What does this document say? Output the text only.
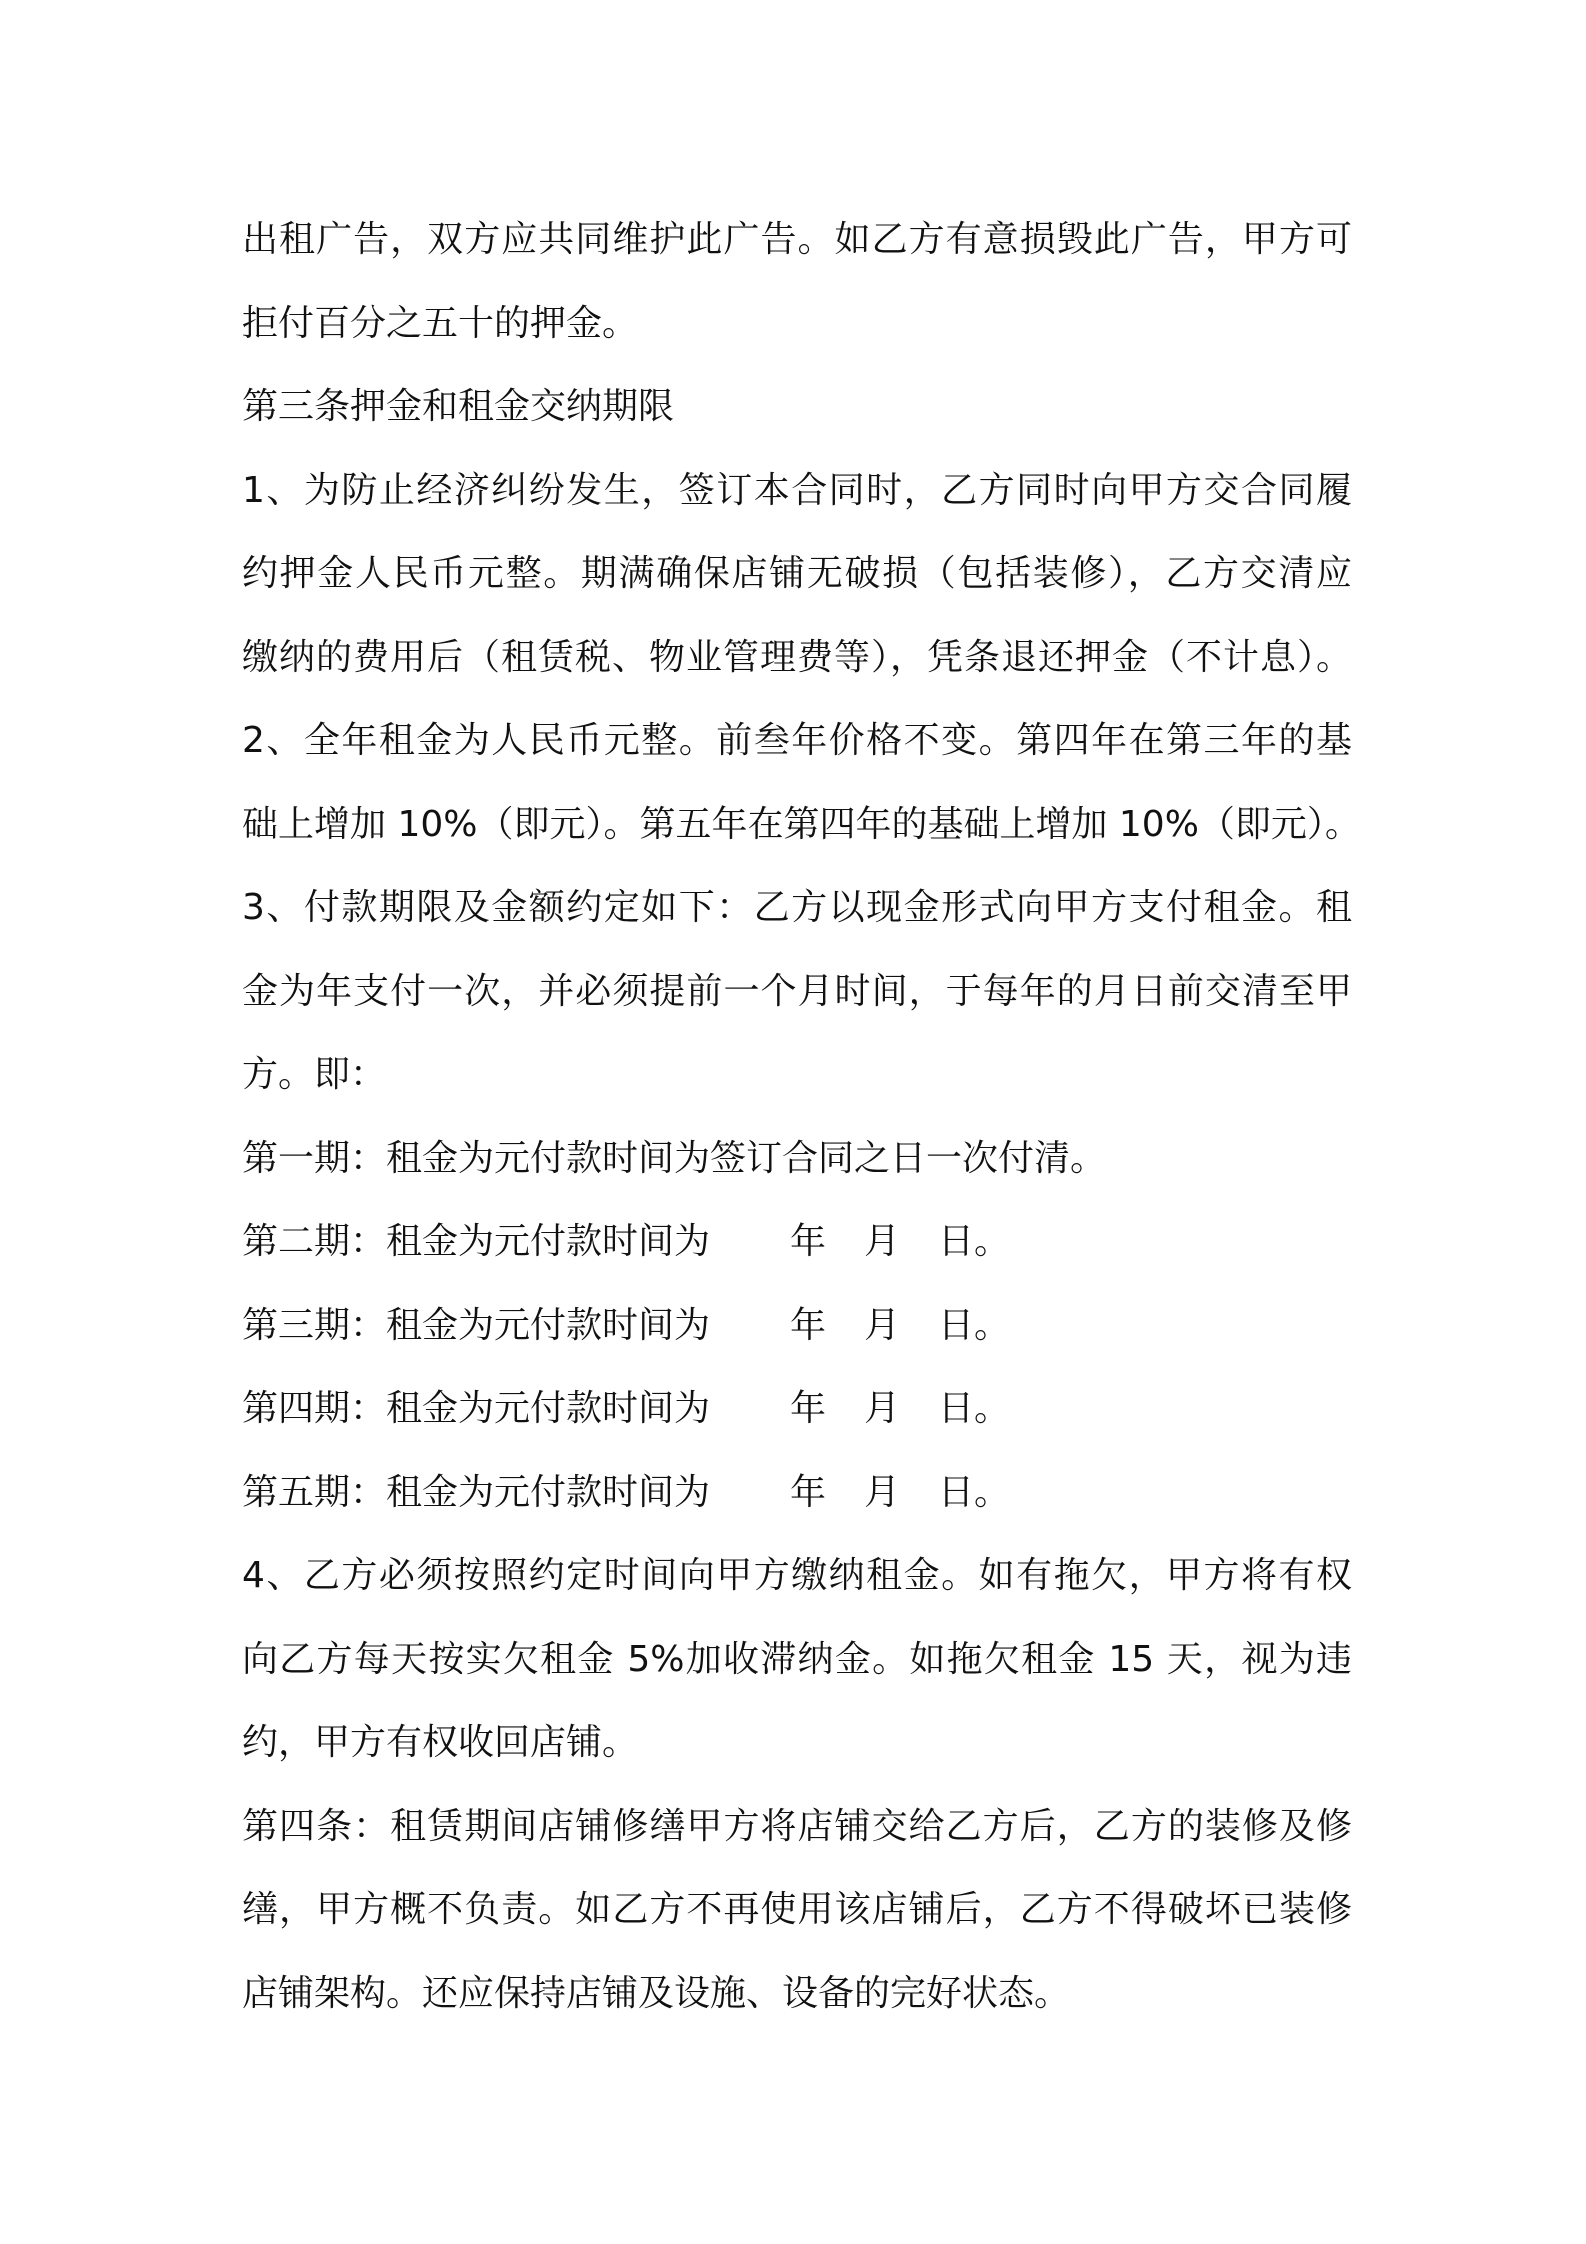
出租广告，双方应共同维护此广告。如乙方有意损毁此广告，甲方可
拒付百分之五十的押金。
第三条押金和租金交纳期限
1、为防止经济纠纷发生，签订本合同时，乙方同时向甲方交合同履
约押金人民币元整。期满确保店铺无破损（包括装修），乙方交清应
缴纳的费用后（租赁税、物业管理费等），凭条退还押金（不计息）。
2、全年租金为人民币元整。前叁年价格不变。第四年在第三年的基
础上增加 10%（即元）。第五年在第四年的基础上增加 10%（即元）。
3、付款期限及金额约定如下：乙方以现金形式向甲方支付租金。租
金为年支付一次，并必须提前一个月时间，于每年的月日前交清至甲
方。即：
第一期：租金为元付款时间为签订合同之日一次付清。
第二期：租金为元付款时间为 年 月 日。
第三期：租金为元付款时间为 年 月 日。
第四期：租金为元付款时间为 年 月 日。
第五期：租金为元付款时间为 年 月 日。
4、乙方必须按照约定时间向甲方缴纳租金。如有拖欠，甲方将有权
向乙方每天按实欠租金 5%加收滞纳金。如拖欠租金 15 天，视为违
约，甲方有权收回店铺。
第四条：租赁期间店铺修缮甲方将店铺交给乙方后，乙方的装修及修
缮，甲方概不负责。如乙方不再使用该店铺后，乙方不得破坏已装修
店铺架构。还应保持店铺及设施、设备的完好状态。
